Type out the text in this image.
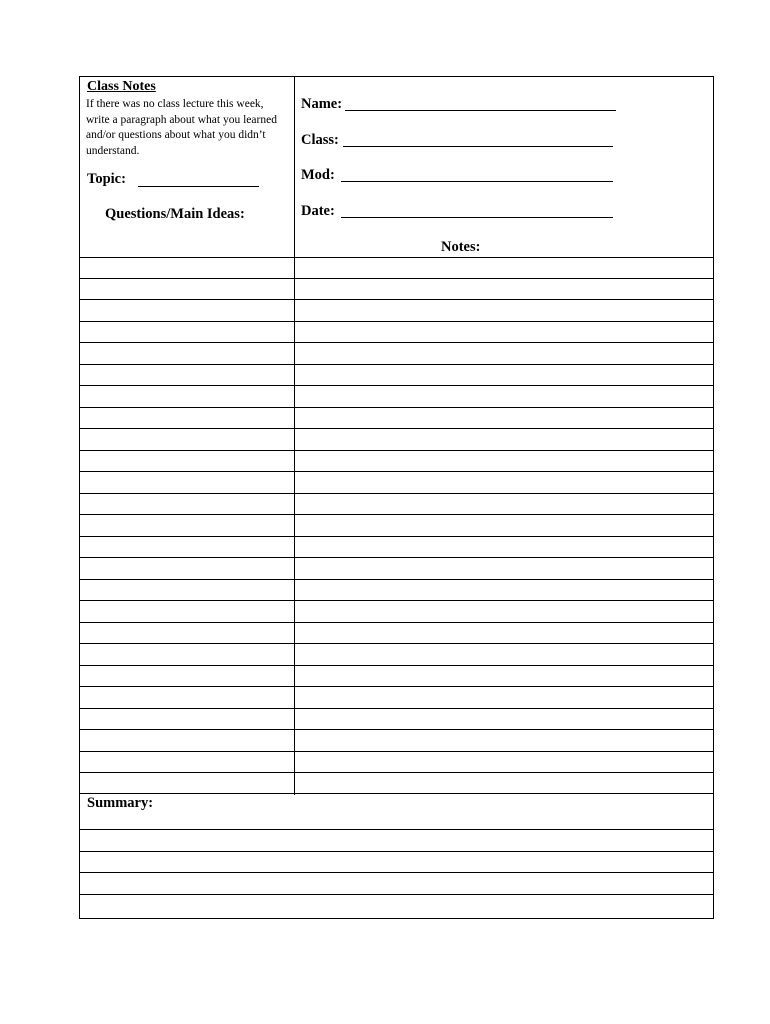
Class Notes
If there was no class lecture this week, write a paragraph about what you learned and/or questions about what you didn’t understand.
Topic:
Questions/Main Ideas:
Name:
Class:
Mod:
Date:
Notes:
Summary:
